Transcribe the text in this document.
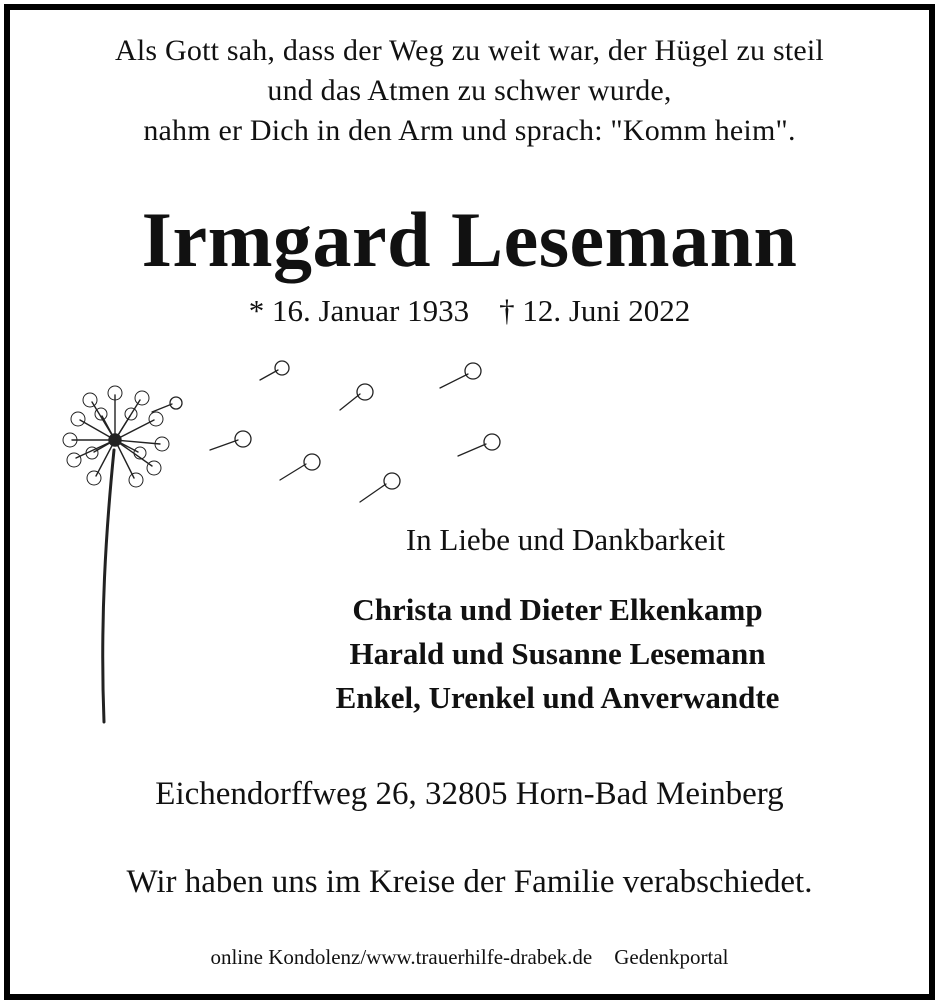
Als Gott sah, dass der Weg zu weit war, der Hügel zu steil
und das Atmen zu schwer wurde,
nahm er Dich in den Arm und sprach: "Komm heim".
Irmgard Lesemann
* 16. Januar 1933 † 12. Juni 2022
In Liebe und Dankbarkeit
Christa und Dieter Elkenkamp
Harald und Susanne Lesemann
Enkel, Urenkel und Anverwandte
Eichendorffweg 26, 32805 Horn-Bad Meinberg
Wir haben uns im Kreise der Familie verabschiedet.
online Kondolenz/www.trauerhilfe-drabek.de Gedenkportal
